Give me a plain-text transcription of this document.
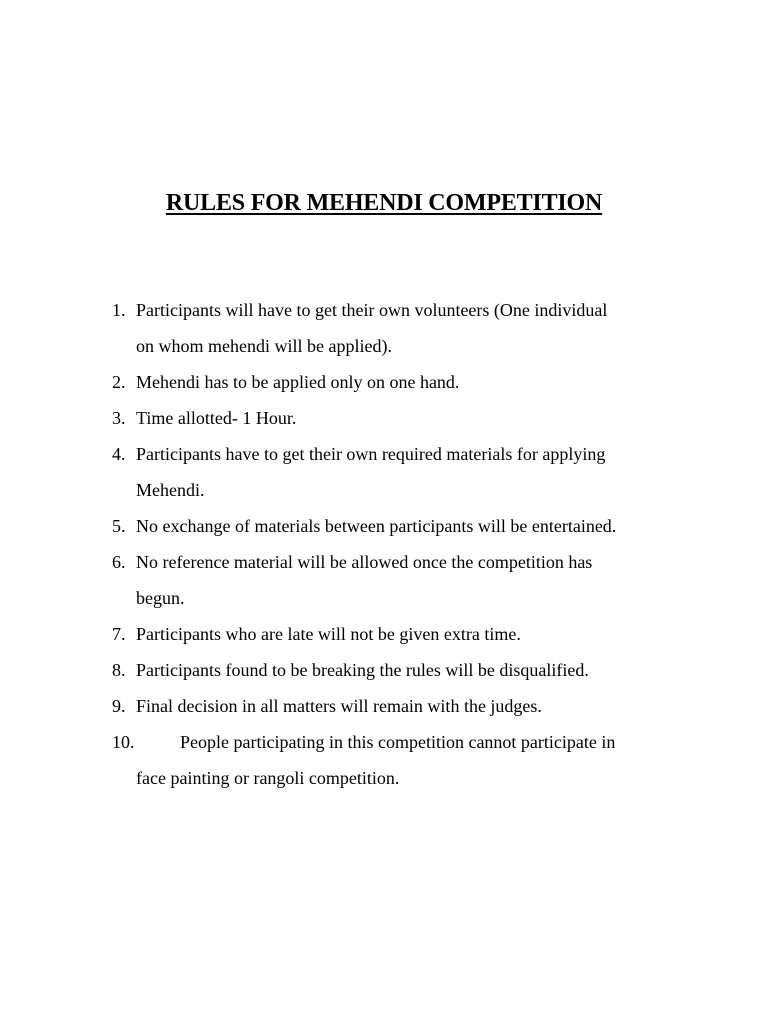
RULES FOR MEHENDI COMPETITION
1. Participants will have to get their own volunteers (One individual
on whom mehendi will be applied).
2. Mehendi has to be applied only on one hand.
3. Time allotted- 1 Hour.
4. Participants have to get their own required materials for applying
Mehendi.
5. No exchange of materials between participants will be entertained.
6. No reference material will be allowed once the competition has
begun.
7. Participants who are late will not be given extra time.
8. Participants found to be breaking the rules will be disqualified.
9. Final decision in all matters will remain with the judges.
10.	People participating in this competition cannot participate in
face painting or rangoli competition.
